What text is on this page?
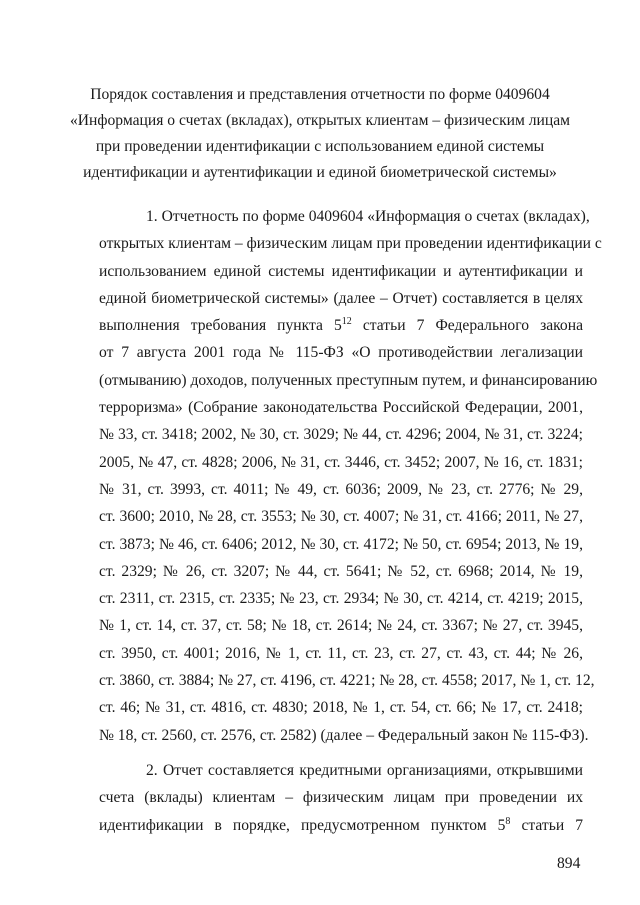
Порядок составления и представления отчетности по форме 0409604
«Информация о счетах (вкладах), открытых клиентам – физическим лицам
при проведении идентификации с использованием единой системы
идентификации и аутентификации и единой биометрической системы»
1. Отчетность по форме 0409604 «Информация о счетах (вкладах),
открытых клиентам – физическим лицам при проведении идентификации с
использованием единой системы идентификации и аутентификации и
единой биометрической системы» (далее – Отчет) составляется в целях
выполнения требования пункта $5^{12}$ статьи 7 Федерального закона
от 7 августа 2001 года № 115-ФЗ «О противодействии легализации
(отмыванию) доходов, полученных преступным путем, и финансированию
терроризма» (Собрание законодательства Российской Федерации, 2001,
№ 33, ст. 3418; 2002, № 30, ст. 3029; № 44, ст. 4296; 2004, № 31, ст. 3224;
2005, № 47, ст. 4828; 2006, № 31, ст. 3446, ст. 3452; 2007, № 16, ст. 1831;
№ 31, ст. 3993, ст. 4011; № 49, ст. 6036; 2009, № 23, ст. 2776; № 29,
ст. 3600; 2010, № 28, ст. 3553; № 30, ст. 4007; № 31, ст. 4166; 2011, № 27,
ст. 3873; № 46, ст. 6406; 2012, № 30, ст. 4172; № 50, ст. 6954; 2013, № 19,
ст. 2329; № 26, ст. 3207; № 44, ст. 5641; № 52, ст. 6968; 2014, № 19,
ст. 2311, ст. 2315, ст. 2335; № 23, ст. 2934; № 30, ст. 4214, ст. 4219; 2015,
№ 1, ст. 14, ст. 37, ст. 58; № 18, ст. 2614; № 24, ст. 3367; № 27, ст. 3945,
ст. 3950, ст. 4001; 2016, № 1, ст. 11, ст. 23, ст. 27, ст. 43, ст. 44; № 26,
ст. 3860, ст. 3884; № 27, ст. 4196, ст. 4221; № 28, ст. 4558; 2017, № 1, ст. 12,
ст. 46; № 31, ст. 4816, ст. 4830; 2018, № 1, ст. 54, ст. 66; № 17, ст. 2418;
№ 18, ст. 2560, ст. 2576, ст. 2582) (далее – Федеральный закон № 115-ФЗ).
2. Отчет составляется кредитными организациями, открывшими
счета (вклады) клиентам – физическим лицам при проведении их
идентификации в порядке, предусмотренном пунктом $5^8$ статьи 7
894
